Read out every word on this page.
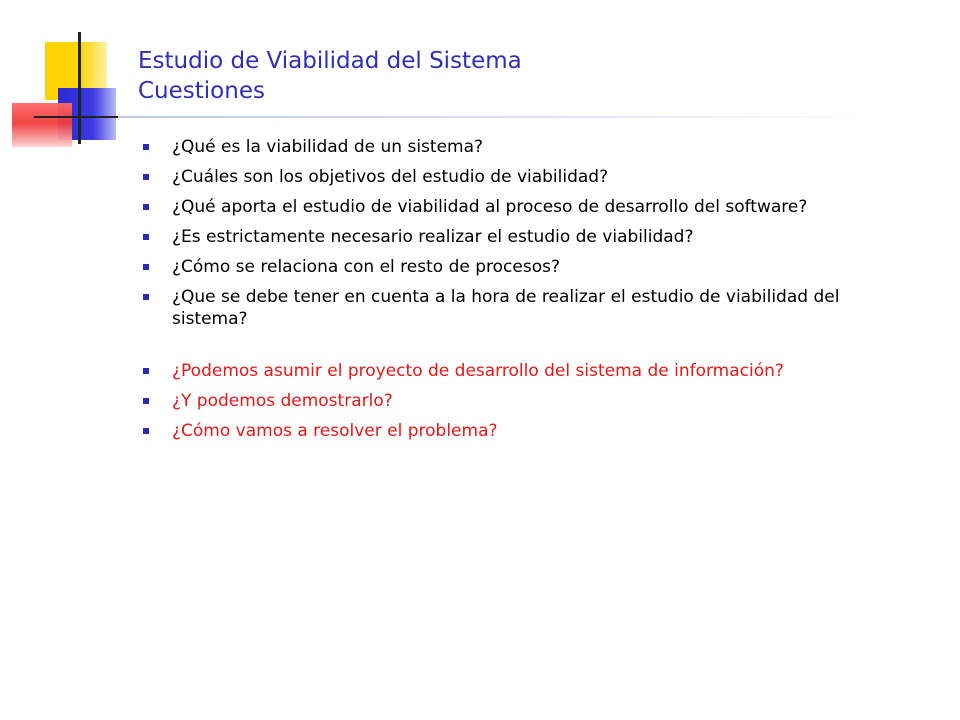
Estudio de Viabilidad del Sistema
Cuestiones
¿Qué es la viabilidad de un sistema?
¿Cuáles son los objetivos del estudio de viabilidad?
¿Qué aporta el estudio de viabilidad al proceso de desarrollo del software?
¿Es estrictamente necesario realizar el estudio de viabilidad?
¿Cómo se relaciona con el resto de procesos?
¿Que se debe tener en cuenta a la hora de realizar el estudio de viabilidad del sistema?
¿Podemos asumir el proyecto de desarrollo del sistema de información?
¿Y podemos demostrarlo?
¿Cómo vamos a resolver el problema?
